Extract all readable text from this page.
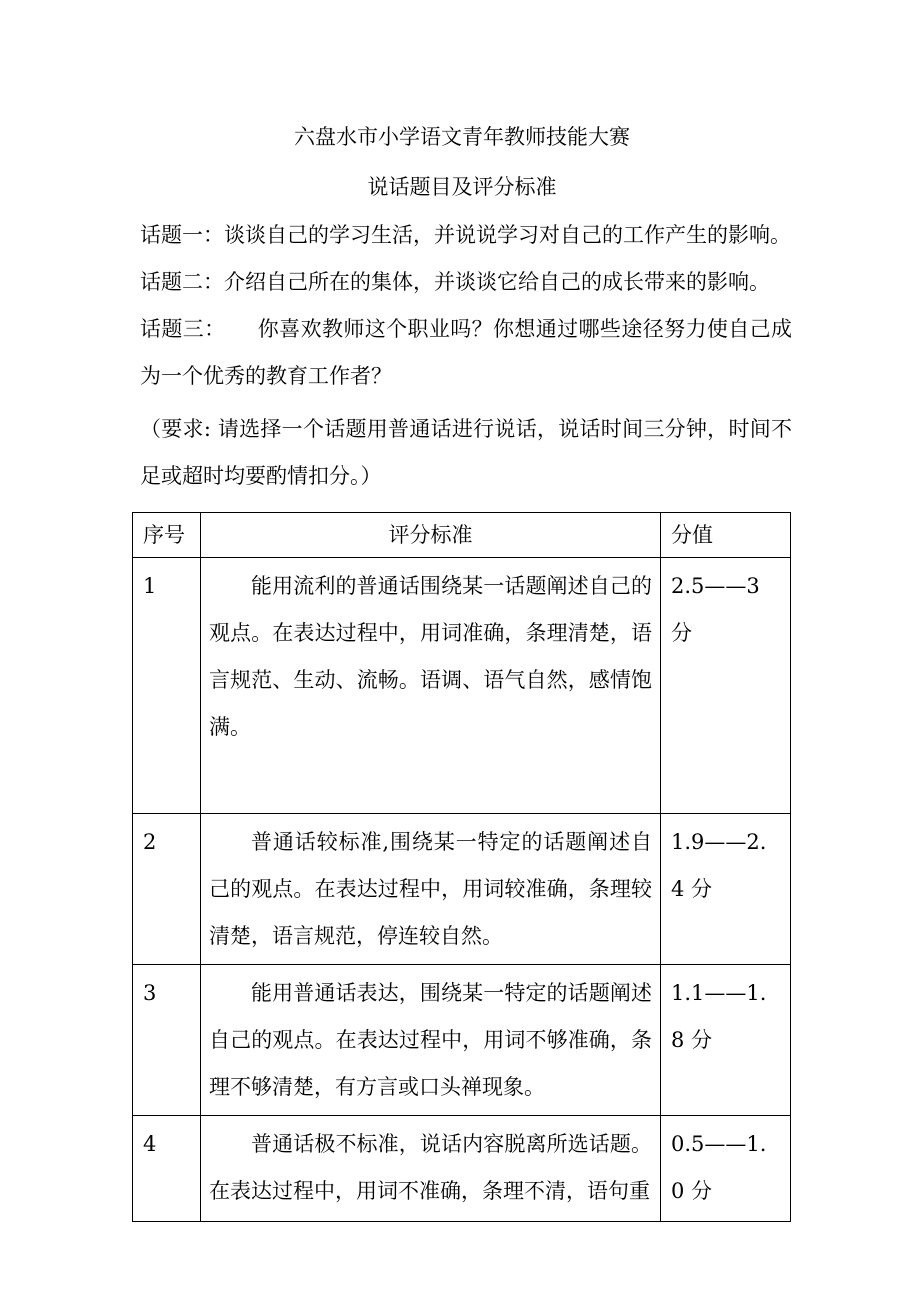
六盘水市小学语文青年教师技能大赛
说话题目及评分标准

话题一：谈谈自己的学习生活，并说说学习对自己的工作产生的影响。

话题二：介绍自己所在的集体，并谈谈它给自己的成长带来的影响。

话题三：　　你喜欢教师这个职业吗？你想通过哪些途径努力使自己成为一个优秀的教育工作者？

（要求: 请选择一个话题用普通话进行说话，说话时间三分钟，时间不足或超时均要酌情扣分。）

序号	评分标准	分值
1	能用流利的普通话围绕某一话题阐述自己的观点。在表达过程中，用词准确，条理清楚，语言规范、生动、流畅。语调、语气自然，感情饱满。	2.5——3 分
2	普通话较标准,围绕某一特定的话题阐述自己的观点。在表达过程中，用词较准确，条理较清楚，语言规范，停连较自然。	1.9——2.4 分
3	能用普通话表达，围绕某一特定的话题阐述自己的观点。在表达过程中，用词不够准确，条理不够清楚，有方言或口头禅现象。	1.1——1.8 分
4	普通话极不标准，说话内容脱离所选话题。在表达过程中，用词不准确，条理不清，语句重	0.5——1.0 分
